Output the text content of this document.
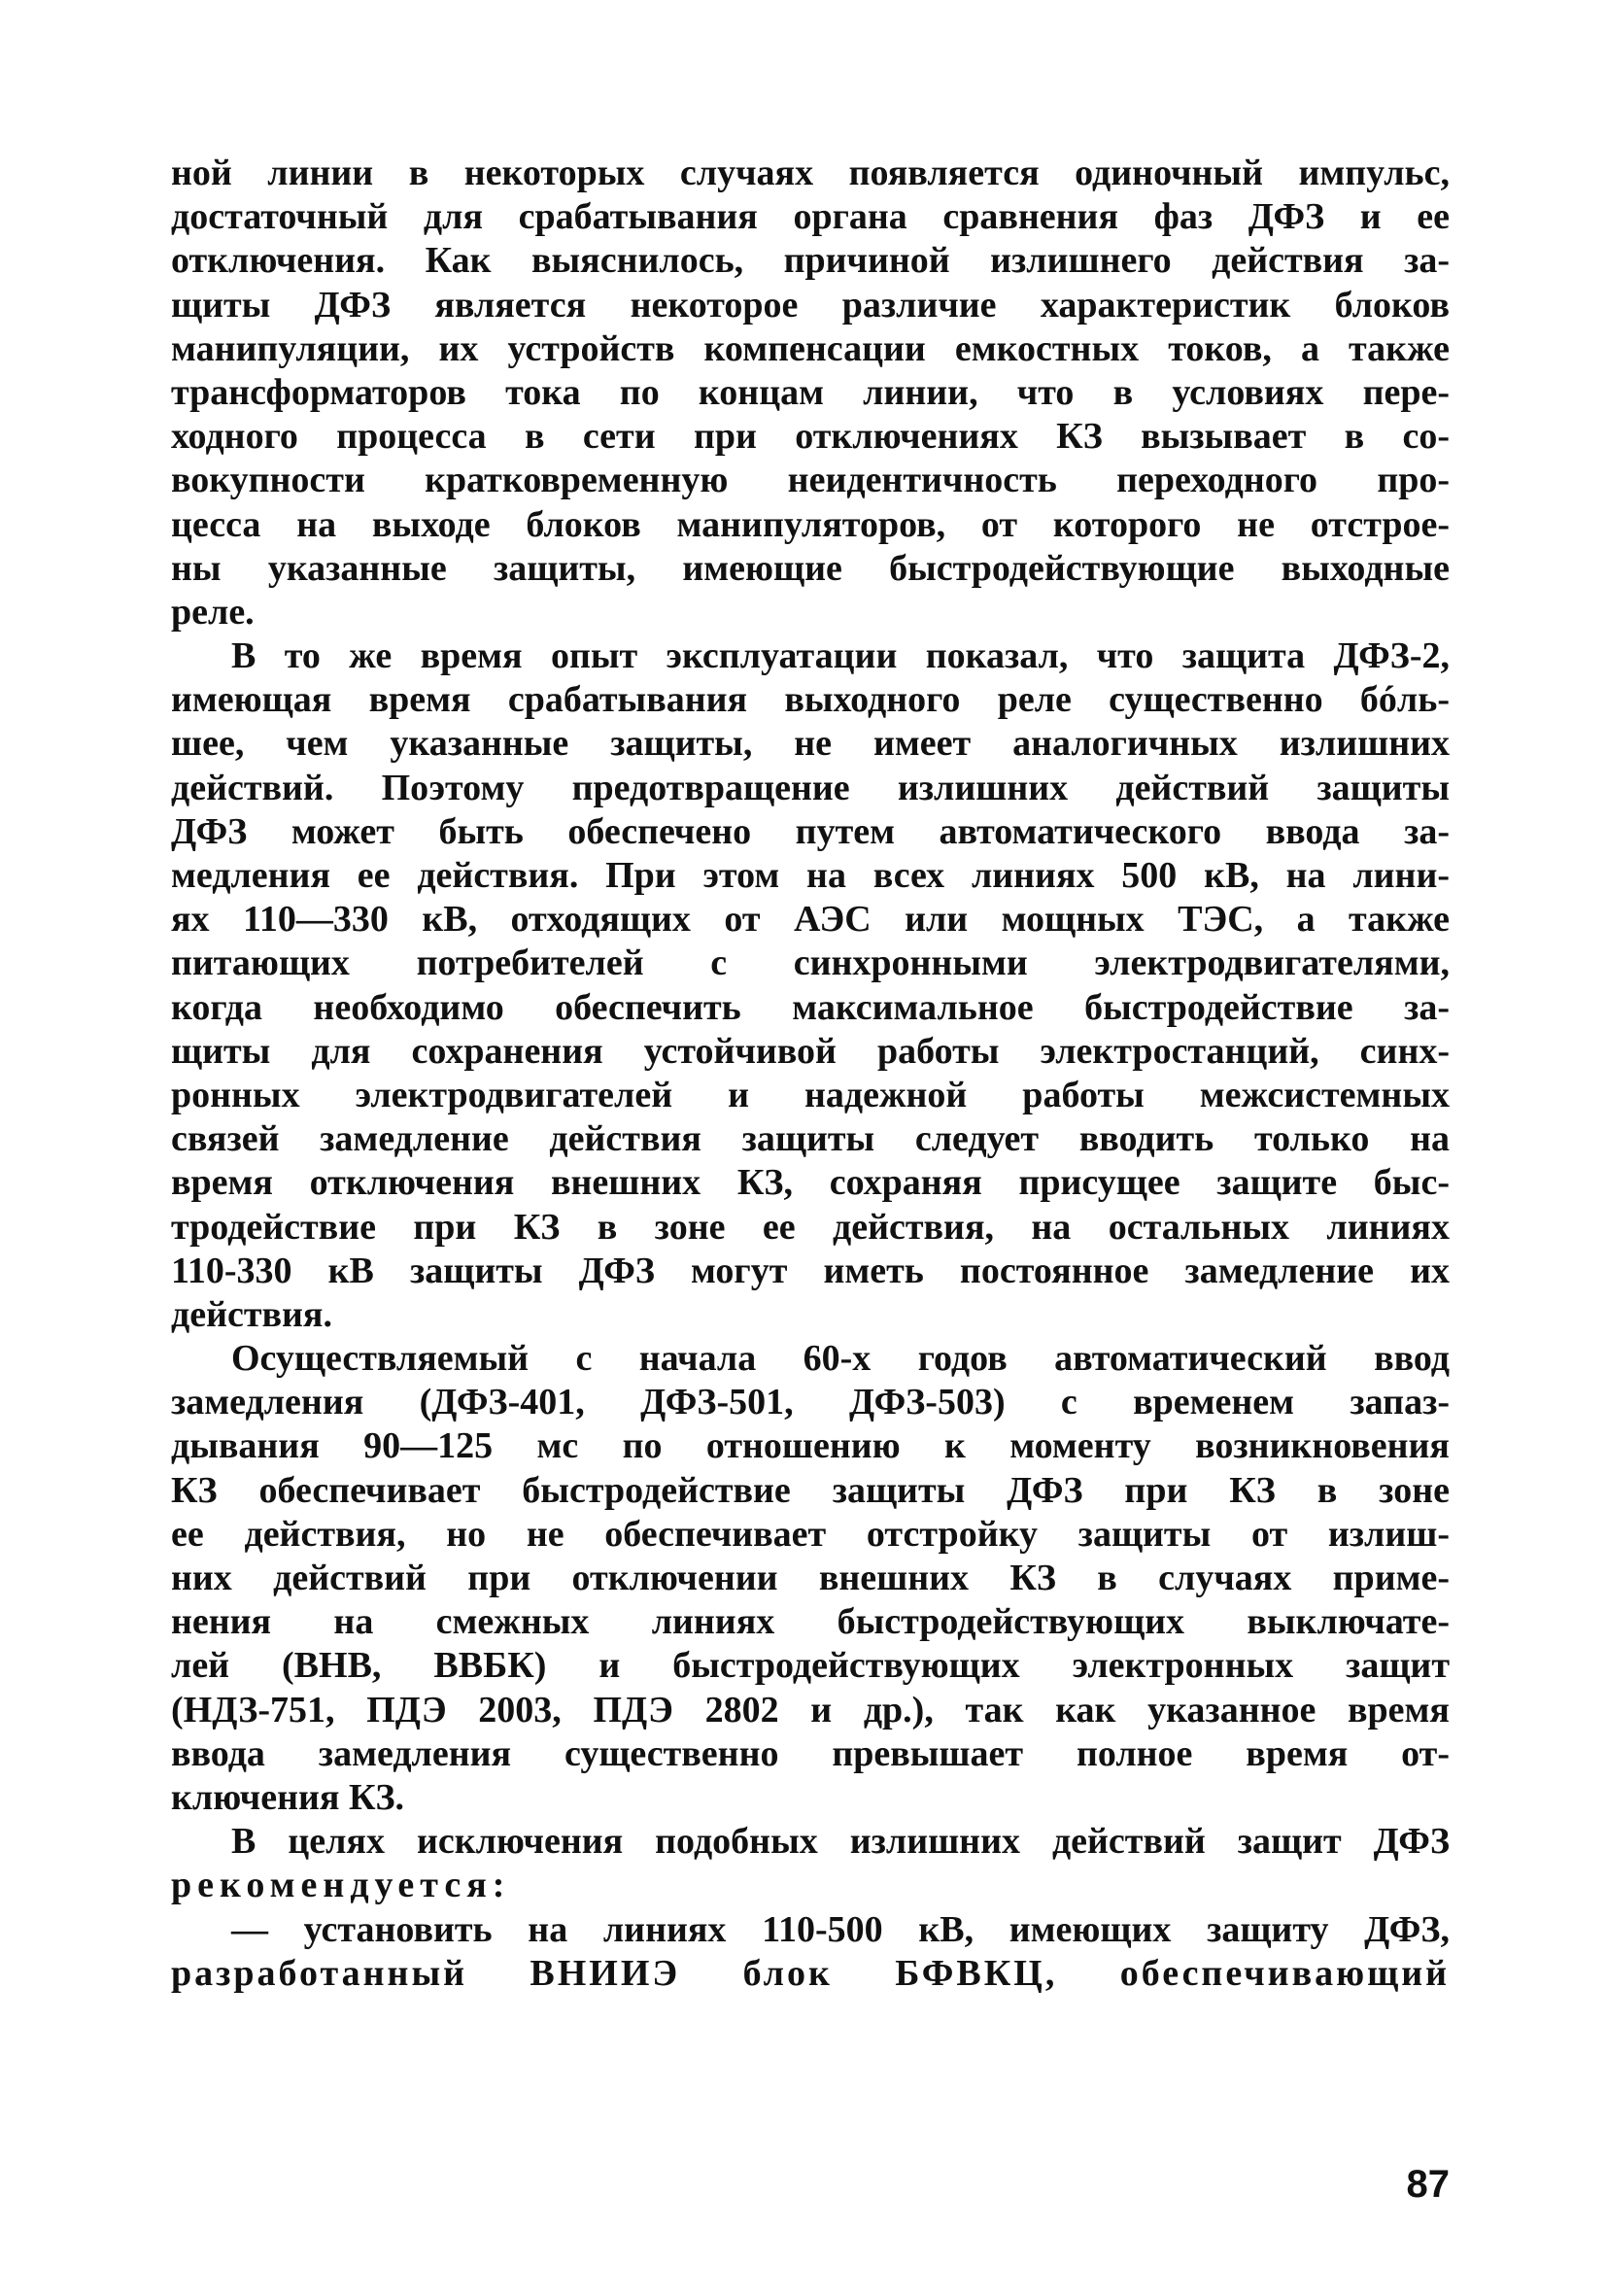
ной линии в некоторых случаях появляется одиночный импульс,
достаточный для срабатывания органа сравнения фаз ДФЗ и ее
отключения. Как выяснилось, причиной излишнего действия за-
щиты ДФЗ является некоторое различие характеристик блоков
манипуляции, их устройств компенсации емкостных токов, а также
трансформаторов тока по концам линии, что в условиях пере-
ходного процесса в сети при отключениях КЗ вызывает в со-
вокупности кратковременную неидентичность переходного про-
цесса на выходе блоков манипуляторов, от которого не отстрое-
ны указанные защиты, имеющие быстродействующие выходные
реле.
В то же время опыт эксплуатации показал, что защита ДФЗ-2,
имеющая время срабатывания выходного реле существенно бóль-
шее, чем указанные защиты, не имеет аналогичных излишних
действий. Поэтому предотвращение излишних действий защиты
ДФЗ может быть обеспечено путем автоматического ввода за-
медления ее действия. При этом на всех линиях 500 кВ, на лини-
ях 110—330 кВ, отходящих от АЭС или мощных ТЭС, а также
питающих потребителей с синхронными электродвигателями,
когда необходимо обеспечить максимальное быстродействие за-
щиты для сохранения устойчивой работы электростанций, синх-
ронных электродвигателей и надежной работы межсистемных
связей замедление действия защиты следует вводить только на
время отключения внешних КЗ, сохраняя присущее защите быс-
тродействие при КЗ в зоне ее действия, на остальных линиях
110-330 кВ защиты ДФЗ могут иметь постоянное замедление их
действия.
Осуществляемый с начала 60-х годов автоматический ввод
замедления (ДФЗ-401, ДФЗ-501, ДФЗ-503) с временем запаз-
дывания 90—125 мс по отношению к моменту возникновения
КЗ обеспечивает быстродействие защиты ДФЗ при КЗ в зоне
ее действия, но не обеспечивает отстройку защиты от излиш-
них действий при отключении внешних КЗ в случаях приме-
нения на смежных линиях быстродействующих выключате-
лей (ВНВ, ВВБК) и быстродействующих электронных защит
(НДЗ-751, ПДЭ 2003, ПДЭ 2802 и др.), так как указанное время
ввода замедления существенно превышает полное время от-
ключения КЗ.
В целях исключения подобных излишних действий защит ДФЗ
рекомендуется:
— установить на линиях 110-500 кВ, имеющих защиту ДФЗ,
разработанный ВНИИЭ блок БФВКЦ, обеспечивающий
87
